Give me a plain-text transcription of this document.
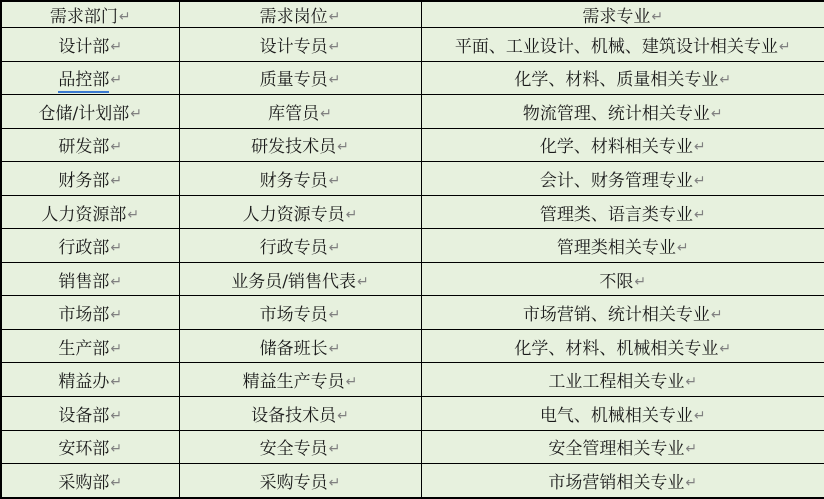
需求部门↵	需求岗位↵	需求专业↵
设计部↵	设计专员↵	平面、工业设计、机械、建筑设计相关专业↵
品控部↵	质量专员↵	化学、材料、质量相关专业↵
仓储/计划部↵	库管员↵	物流管理、统计相关专业↵
研发部↵	研发技术员↵	化学、材料相关专业↵
财务部↵	财务专员↵	会计、财务管理专业↵
人力资源部↵	人力资源专员↵	管理类、语言类专业↵
行政部↵	行政专员↵	管理类相关专业↵
销售部↵	业务员/销售代表↵	不限↵
市场部↵	市场专员↵	市场营销、统计相关专业↵
生产部↵	储备班长↵	化学、材料、机械相关专业↵
精益办↵	精益生产专员↵	工业工程相关专业↵
设备部↵	设备技术员↵	电气、机械相关专业↵
安环部↵	安全专员↵	安全管理相关专业↵
采购部↵	采购专员↵	市场营销相关专业↵
